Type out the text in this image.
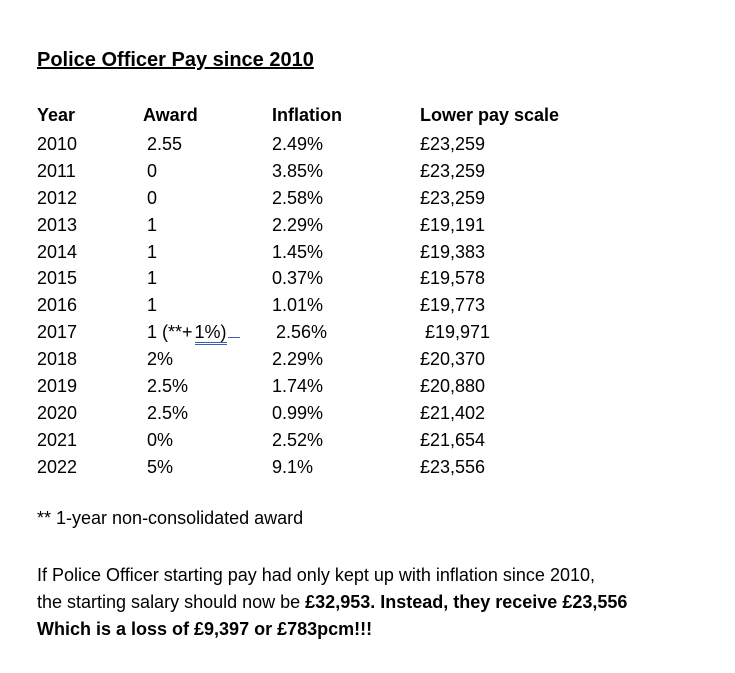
Police Officer Pay since 2010
Year	Award	Inflation	Lower pay scale
2010	2.55	2.49%	£23,259
2011	0	3.85%	£23,259
2012	0	2.58%	£23,259
2013	1	2.29%	£19,191
2014	1	1.45%	£19,383
2015	1	0.37%	£19,578
2016	1	1.01%	£19,773
2017	1 (**+ 1%)	2.56%	£19,971
2018	2%	2.29%	£20,370
2019	2.5%	1.74%	£20,880
2020	2.5%	0.99%	£21,402
2021	0%	2.52%	£21,654
2022	5%	9.1%	£23,556
** 1-year non-consolidated award
If Police Officer starting pay had only kept up with inflation since 2010,
the starting salary should now be £32,953. Instead, they receive £23,556
Which is a loss of £9,397 or £783pcm!!!
